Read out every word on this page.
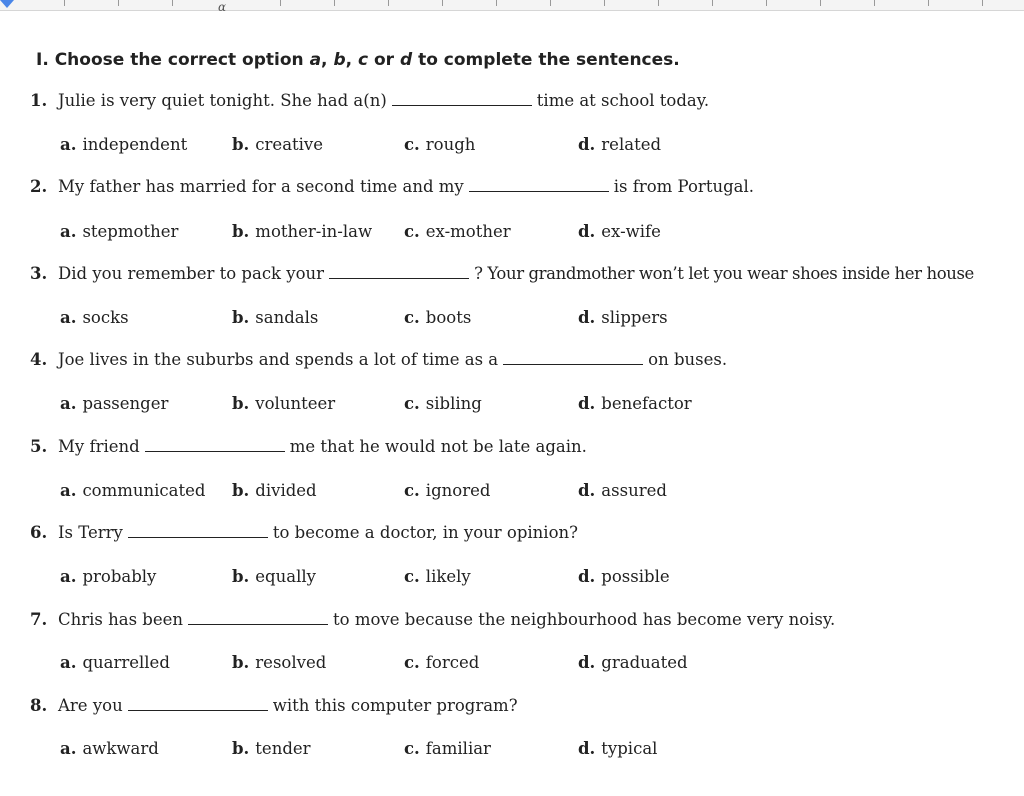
ɑ
I. Choose the correct option a, b, c or d to complete the sentences.
1. Julie is very quiet tonight. She had a(n)	time at school today.
a. independent	b. creative	c. rough	d. related
2. My father has married for a second time and my	is from Portugal.
a. stepmother	b. mother-in-law c. ex-mother	d. ex-wife
3. Did you remember to pack your	? Your grandmother won’t let you wear shoes inside her house
a. socks	b. sandals	c. boots	d. slippers
4. Joe lives in the suburbs and spends a lot of time as a	on buses.
a. passenger	b. volunteer	c. sibling	d. benefactor
5. My friend	me that he would not be late again.
a. communicated b. divided	c. ignored	d. assured
6. Is Terry	to become a doctor, in your opinion?
a. probably	b. equally	c. likely	d. possible
7. Chris has been	to move because the neighbourhood has become very noisy.
a. quarrelled	b. resolved	c. forced	d. graduated
8. Are you	with this computer program?
a. awkward	b. tender	c. familiar	d. typical
